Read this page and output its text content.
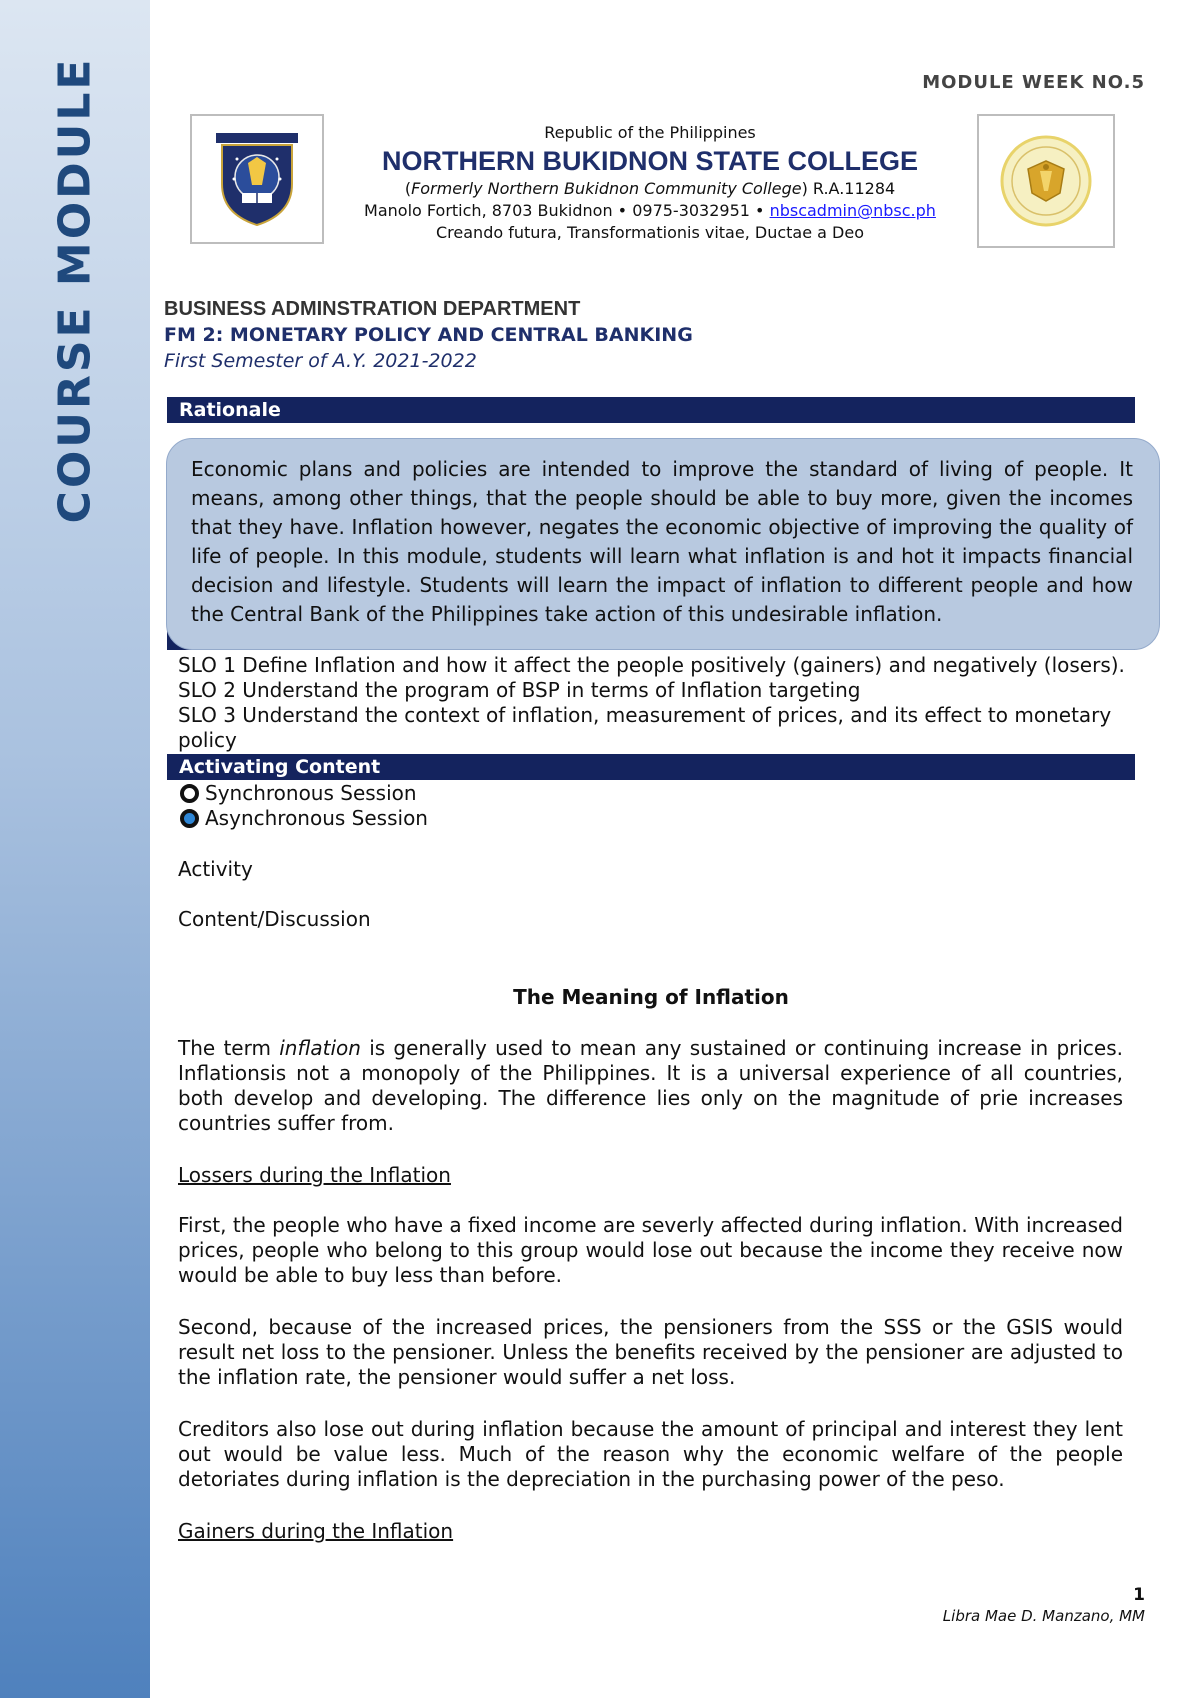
COURSE MODULE	MODULE WEEK NO.5
Republic of the Philippines
NORTHERN BUKIDNON STATE COLLEGE
(Formerly Northern Bukidnon Community College) R.A.11284
Manolo Fortich, 8703 Bukidnon • 0975-3032951 • nbscadmin@nbsc.ph
Creando futura, Transformationis vitae, Ductae a Deo
BUSINESS ADMINSTRATION DEPARTMENT
FM 2: MONETARY POLICY AND CENTRAL BANKING
First Semester of A.Y. 2021-2022
Rationale
Economic plans and policies are intended to improve the standard of living of people. It means, among other things, that the people should be able to buy more, given the incomes that they have. Inflation however, negates the economic objective of improving the quality of life of people. In this module, students will learn what inflation is and hot it impacts financial decision and lifestyle. Students will learn the impact of inflation to different people and how the Central Bank of the Philippines take action of this undesirable inflation.
SLO 1 Define Inflation and how it affect the people positively (gainers) and negatively (losers).
SLO 2 Understand the program of BSP in terms of Inflation targeting
SLO 3 Understand the context of inflation, measurement of prices, and its effect to monetary policy
Activating Content
Synchronous Session
Asynchronous Session
Activity
Content/Discussion
The Meaning of Inflation
The term inflation is generally used to mean any sustained or continuing increase in prices. Inflationsis not a monopoly of the Philippines. It is a universal experience of all countries, both develop and developing. The difference lies only on the magnitude of prie increases countries suffer from.
Lossers during the Inflation
First, the people who have a fixed income are severly affected during inflation. With increased prices, people who belong to this group would lose out because the income they receive now would be able to buy less than before.
Second, because of the increased prices, the pensioners from the SSS or the GSIS would result net loss to the pensioner. Unless the benefits received by the pensioner are adjusted to the inflation rate, the pensioner would suffer a net loss.
Creditors also lose out during inflation because the amount of principal and interest they lent out would be value less. Much of the reason why the economic welfare of the people detoriates during inflation is the depreciation in the purchasing power of the peso.
Gainers during the Inflation
1
Libra Mae D. Manzano, MM
